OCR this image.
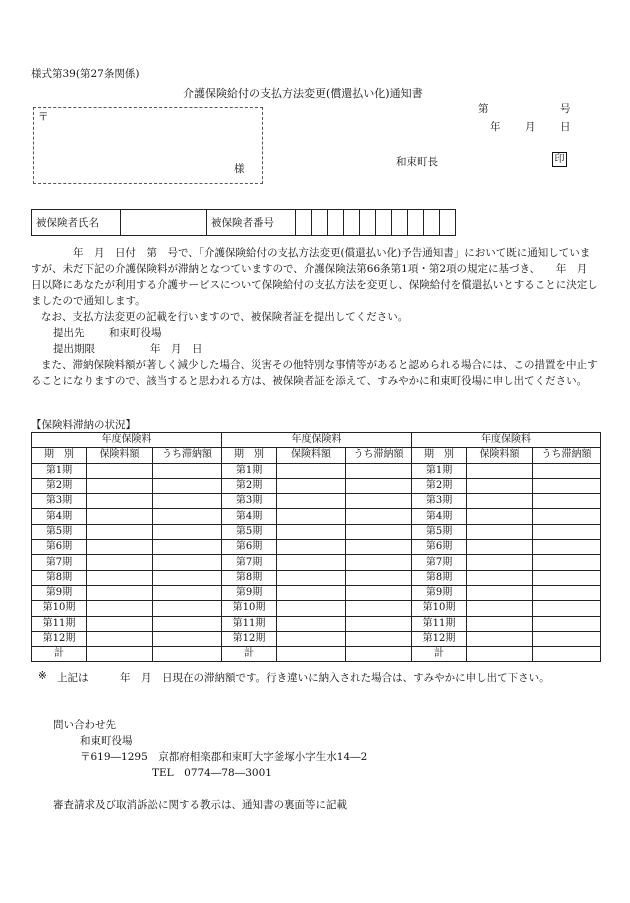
様式第39(第27条関係)
介護保険給付の支払方法変更(償還払い化)通知書
第	号
年 月 日
〒
様
和束町長	印
被保険者氏名		被保険者番号										
年　月　日付　第　号で、「介護保険給付の支払方法変更(償還払い化)予告通知書」において既に通知していますが、未だ下記の介護保険料が滞納となつていますので、介護保険法第66条第1項・第2項の規定に基づき、　　年　月　日以降にあなたが利用する介護サービスについて保険給付の支払方法を変更し、保険給付を償還払いとすることに決定しましたので通知します。
なお、支払方法変更の記載を行いますので、被保険者証を提出してください。
提出先 和束町役場
提出期限	年　月　日
また、滞納保険料額が著しく減少した場合、災害その他特別な事情等があると認められる場合には、この措置を中止することになりますので、該当すると思われる方は、被保険者証を添えて、すみやかに和東町役場に申し出てください。
【保険料滞納の状況】
年度保険料			年度保険料			年度保険料		
期　別	保険料額	うち滞納額	期　別	保険料額	うち滞納額	期　別	保険料額	うち滞納額
第1期			第1期			第1期		
第2期			第2期			第2期		
第3期			第3期			第3期		
第4期			第4期			第4期		
第5期			第5期			第5期		
第6期			第6期			第6期		
第7期			第7期			第7期		
第8期			第8期			第8期		
第9期			第9期			第9期		
第10期			第10期			第10期		
第11期			第11期			第11期		
第12期			第12期			第12期		
計			計			計		
※ 上記は　　　年　月　日現在の滞納額です。行き違いに納入された場合は、すみやかに申し出て下さい。
問い合わせ先
和東町役場
〒619―1295　京都府相楽郡和束町大字釜塚小字生水14―2
TEL　0774―78―3001
審査請求及び取消訴訟に関する教示は、通知書の裏面等に記載
